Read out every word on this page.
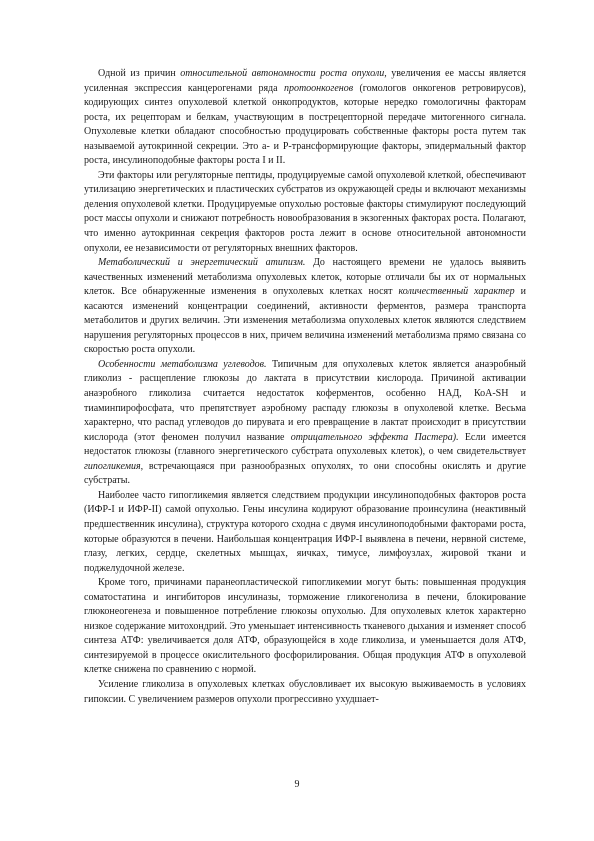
Одной из причин относительной автономности роста опухоли, увеличения ее массы является усиленная экспрессия канцерогенами ряда протоонкогенов (гомологов онкогенов ретровирусов), кодирующих синтез опухолевой клеткой онкопродуктов, которые нередко гомологичны факторам роста, их рецепторам и белкам, участвующим в пострецепторной передаче митогенного сигнала. Опухолевые клетки обладают способностью продуцировать собственные факторы роста путем так называемой аутокринной секреции. Это а- и Р-трансформирующие факторы, эпидермальный фактор роста, инсулиноподобные факторы роста I и II.

Эти факторы или регуляторные пептиды, продуцируемые самой опухолевой клеткой, обеспечивают утилизацию энергетических и пластических субстратов из окружающей среды и включают механизмы деления опухолевой клетки. Продуцируемые опухолью ростовые факторы стимулируют последующий рост массы опухоли и снижают потребность новообразования в экзогенных факторах роста. Полагают, что именно аутокринная секреция факторов роста лежит в основе относительной автономности опухоли, ее независимости от регуляторных внешних факторов.

Метаболический и энергетический атипизм. До настоящего времени не удалось выявить качественных изменений метаболизма опухолевых клеток, которые отличали бы их от нормальных клеток. Все обнаруженные изменения в опухолевых клетках носят количественный характер и касаются изменений концентрации соединений, активности ферментов, размера транспорта метаболитов и других величин. Эти изменения метаболизма опухолевых клеток являются следствием нарушения регуляторных процессов в них, причем величина изменений метаболизма прямо связана со скоростью роста опухоли.

Особенности метаболизма углеводов. Типичным для опухолевых клеток является анаэробный гликолиз - расщепление глюкозы до лактата в присутствии кислорода. Причиной активации анаэробного гликолиза считается недостаток коферментов, особенно НАД, КоА-SH и тиаминпирофосфата, что препятствует аэробному распаду глюкозы в опухолевой клетке. Весьма характерно, что распад углеводов до пирувата и его превращение в лактат происходит в присутствии кислорода (этот феномен получил название отрицательного эффекта Пастера). Если имеется недостаток глюкозы (главного энергетического субстрата опухолевых клеток), о чем свидетельствует гипогликемия, встречающаяся при разнообразных опухолях, то они способны окислять и другие субстраты.

Наиболее часто гипогликемия является следствием продукции инсулиноподобных факторов роста (ИФР-I и ИФР-II) самой опухолью. Гены инсулина кодируют образование проинсулина (неактивный предшественник инсулина), структура которого сходна с двумя инсулиноподобными факторами роста, которые образуются в печени. Наибольшая концентрация ИФР-I выявлена в печени, нервной системе, глазу, легких, сердце, скелетных мышцах, яичках, тимусе, лимфоузлах, жировой ткани и поджелудочной железе.

Кроме того, причинами паранеопластической гипогликемии могут быть: повышенная продукция соматостатина и ингибиторов инсулиназы, торможение гликогенолиза в печени, блокирование глюконеогенеза и повышенное потребление глюкозы опухолью. Для опухолевых клеток характерно низкое содержание митохондрий. Это уменьшает интенсивность тканевого дыхания и изменяет способ синтеза АТФ: увеличивается доля АТФ, образующейся в ходе гликолиза, и уменьшается доля АТФ, синтезируемой в процессе окислительного фосфорилирования. Общая продукция АТФ в опухолевой клетке снижена по сравнению с нормой.

Усиление гликолиза в опухолевых клетках обусловливает их высокую выживаемость в условиях гипоксии. С увеличением размеров опухоли прогрессивно ухудшает-

9
